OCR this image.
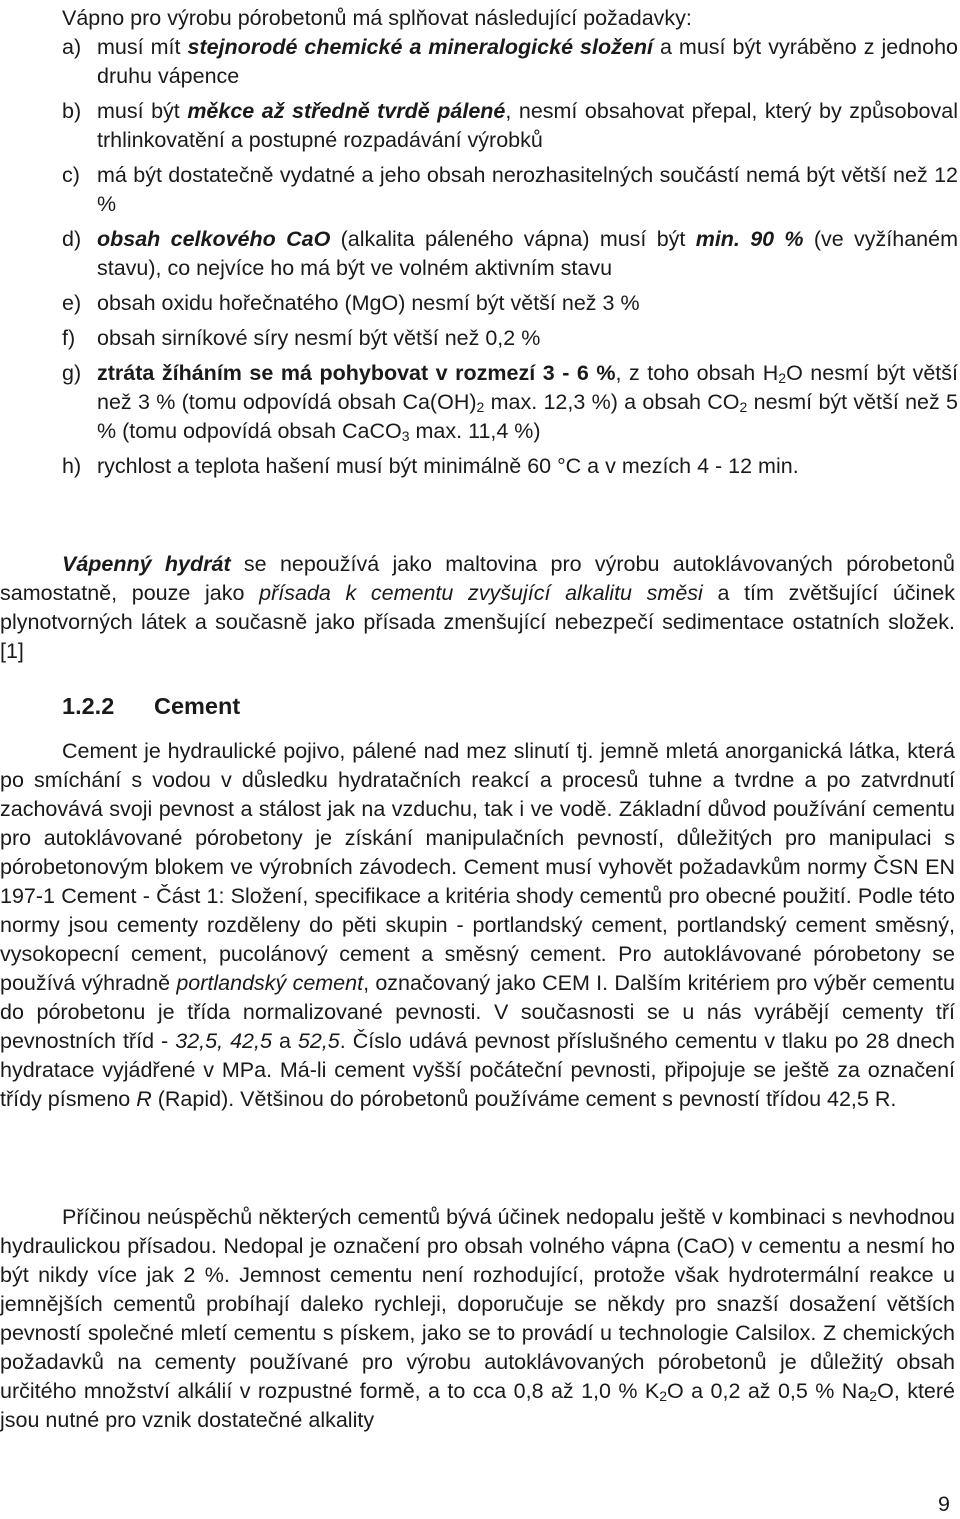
Vápno pro výrobu pórobetonů má splňovat následující požadavky:
a) musí mít stejnorodé chemické a mineralogické složení a musí být vyráběno z jednoho druhu vápence
b) musí být měkce až středně tvrdě pálené, nesmí obsahovat přepal, který by způsoboval trhlinkovatění a postupné rozpadávání výrobků
c) má být dostatečně vydatné a jeho obsah nerozhasitelných součástí nemá být větší než 12 %
d) obsah celkového CaO (alkalita páleného vápna) musí být min. 90 % (ve vyžíhaném stavu), co nejvíce ho má být ve volném aktivním stavu
e) obsah oxidu hořečnatého (MgO) nesmí být větší než 3 %
f) obsah sirníkové síry nesmí být větší než 0,2 %
g) ztráta žíháním se má pohybovat v rozmezí 3 - 6 %, z toho obsah $H_2O$ nesmí být větší než 3 % (tomu odpovídá obsah $Ca(OH)_2$ max. 12,3 %) a obsah $CO_2$ nesmí být větší než 5 % (tomu odpovídá obsah CaCO$_3$ max. 11,4 %)
h) rychlost a teplota hašení musí být minimálně 60 °C a v mezích 4 - 12 min.

Vápenný hydrát se nepoužívá jako maltovina pro výrobu autoklávovaných pórobetonů samostatně, pouze jako přísada k cementu zvyšující alkalitu směsi a tím zvětšující účinek plynotvorných látek a současně jako přísada zmenšující nebezpečí sedimentace ostatních složek. [1]

1.2.2 Cement

Cement je hydraulické pojivo, pálené nad mez slinutí tj. jemně mletá anorganická látka, která po smíchání s vodou v důsledku hydratačních reakcí a procesů tuhne a tvrdne a po zatvrdnutí zachovává svoji pevnost a stálost jak na vzduchu, tak i ve vodě. Základní důvod používání cementu pro autoklávované pórobetony je získání manipulačních pevností, důležitých pro manipulaci s pórobetonovým blokem ve výrobních závodech. Cement musí vyhovět požadavkům normy ČSN EN 197-1 Cement - Část 1: Složení, specifikace a kritéria shody cementů pro obecné použití. Podle této normy jsou cementy rozděleny do pěti skupin - portlandský cement, portlandský cement směsný, vysokopecní cement, pucolánový cement a směsný cement. Pro autoklávované pórobetony se používá výhradně portlandský cement, označovaný jako CEM I. Dalším kritériem pro výběr cementu do pórobetonu je třída normalizované pevnosti. V současnosti se u nás vyrábějí cementy tří pevnostních tříd - 32,5, 42,5 a 52,5. Číslo udává pevnost příslušného cementu v tlaku po 28 dnech hydratace vyjádřené v MPa. Má-li cement vyšší počáteční pevnosti, připojuje se ještě za označení třídy písmeno R (Rapid). Většinou do pórobetonů používáme cement s pevností třídou 42,5 R.

Příčinou neúspěchů některých cementů bývá účinek nedopalu ještě v kombinaci s nevhodnou hydraulickou přísadou. Nedopal je označení pro obsah volného vápna (CaO) v cementu a nesmí ho být nikdy více jak 2 %. Jemnost cementu není rozhodující, protože však hydrotermální reakce u jemnějších cementů probíhají daleko rychleji, doporučuje se někdy pro snazší dosažení větších pevností společné mletí cementu s pískem, jako se to provádí u technologie Calsilox. Z chemických požadavků na cementy používané pro výrobu autoklávovaných pórobetonů je důležitý obsah určitého množství alkálií v rozpustné formě, a to cca 0,8 až 1,0 % $K_2O$ a 0,2 až 0,5 % $Na_2O$, které jsou nutné pro vznik dostatečné alkality

9
